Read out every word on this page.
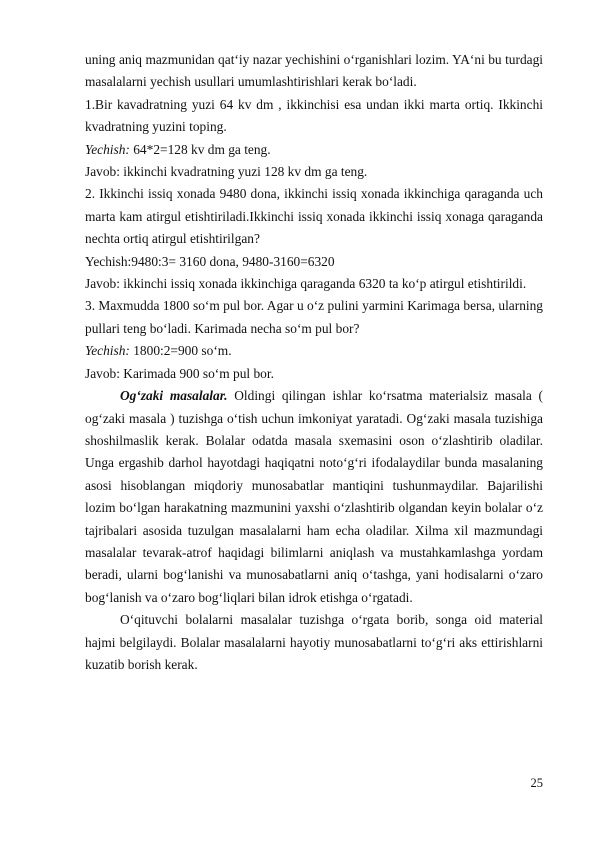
uning aniq mazmunidan qat‘iy nazar yechishini o‘rganishlari lozim. YA‘ni bu turdagi masalalarni yechish usullari umumlashtirishlari kerak bo‘ladi.

1.Bir kavadratning yuzi 64 kv dm , ikkinchisi esa undan ikki marta ortiq. Ikkinchi kvadratning yuzini toping.

Yechish: 64*2=128 kv dm ga teng.

Javob: ikkinchi kvadratning yuzi 128 kv dm ga teng.

2. Ikkinchi issiq xonada 9480 dona, ikkinchi issiq xonada ikkinchiga qaraganda uch marta kam atirgul etishtiriladi.Ikkinchi issiq xonada ikkinchi issiq xonaga qaraganda nechta ortiq atirgul etishtirilgan?

Yechish:9480:3= 3160 dona, 9480-3160=6320

Javob: ikkinchi issiq xonada ikkinchiga qaraganda 6320 ta ko‘p atirgul etishtirildi.

3. Maxmudda 1800 so‘m pul bor. Agar u o‘z pulini yarmini Karimaga bersa, ularning pullari teng bo‘ladi. Karimada necha so‘m pul bor?

Yechish: 1800:2=900 so‘m.

Javob: Karimada 900 so‘m pul bor.

Og‘zaki masalalar. Oldingi qilingan ishlar ko‘rsatma materialsiz masala ( og‘zaki masala ) tuzishga o‘tish uchun imkoniyat yaratadi. Og‘zaki masala tuzishiga shoshilmaslik kerak. Bolalar odatda masala sxemasini oson o‘zlashtirib oladilar. Unga ergashib darhol hayotdagi haqiqatni noto‘g‘ri ifodalaydilar bunda masalaning asosi hisoblangan miqdoriy munosabatlar mantiqini tushunmaydilar. Bajarilishi lozim bo‘lgan harakatning mazmunini yaxshi o‘zlashtirib olgandan keyin bolalar o‘z tajribalari asosida tuzulgan masalalarni ham echa oladilar. Xilma xil mazmundagi masalalar tevarak-atrof haqidagi bilimlarni aniqlash va mustahkamlashga yordam beradi, ularni bog‘lanishi va munosabatlarni aniq o‘tashga, yani hodisalarni o‘zaro bog‘lanish va o‘zaro bog‘liqlari bilan idrok etishga o‘rgatadi.

O‘qituvchi bolalarni masalalar tuzishga o‘rgata borib, songa oid material hajmi belgilaydi. Bolalar masalalarni hayotiy munosabatlarni to‘g‘ri aks ettirishlarni kuzatib borish kerak.

25
